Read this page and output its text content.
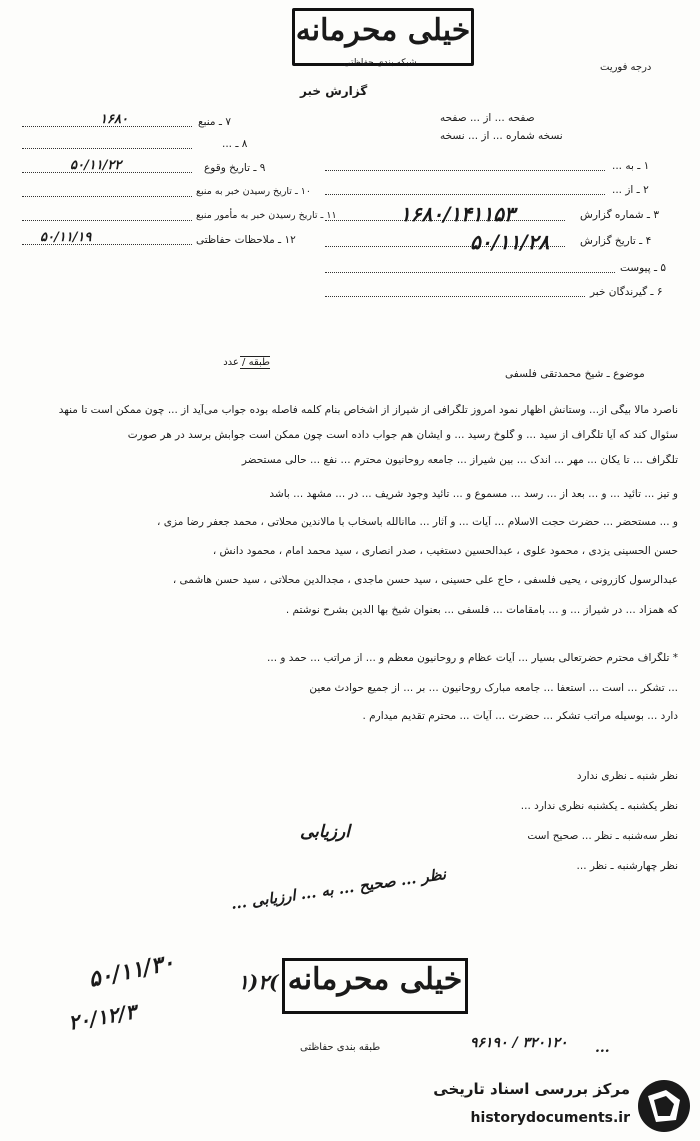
خیلی محرمانه
شبکه بندی حفاظتی	درجه فوریت
گزارش خبر
۷ ـ منبع
۱۶۸۰
۸ ـ ...
۹ ـ تاریخ وقوع
۵۰/۱۱/۲۲
۱۰ ـ تاریخ رسیدن خبر به منبع
۱۱ ـ تاریخ رسیدن خبر به مأمور منبع
۱۲ ـ ملاحظات حفاظتی
۵۰/۱۱/۱۹
صفحه ... از ... صفحه
نسخه شماره ... از ... نسخه
۱ ـ به ...
۲ ـ از ...
۳ ـ شماره گزارش
۱۶۸۰/۱۴۱۱۵۳
۴ ـ تاریخ گزارش
۵۰/۱۱/۲۸
۵ ـ پیوست
۶ ـ گیرندگان خبر
موضوع ـ شیخ محمدتقی فلسفی
طبقه / عدد
ناصرد مالا بیگی از... وستانش اظهار نمود امروز تلگرافی از شیراز از اشخاص بنام کلمه فاصله بوده جواب می‌آید از ... چون ممکن است تا منهد
سئوال کند که آیا تلگراف از سید ... و گلوخ رسید ... و ایشان هم جواب داده است چون ممکن است جوابش برسد در هر صورت
تلگراف ... تا یکان ... مهر ... اندک ... بین شیراز ... جامعه روحانیون محترم ... نفع ... حالی مستحضر
و تیز ... تائید ... و ... بعد از ... رسد ... مسموع و ... تائید وجود شریف ... در ... مشهد ... باشد
و ... مستحضر ... حضرت حجت الاسلام ... آیات ... و آثار ... ماانالله باسخاب با مالاندین محلاتی ، محمد جعفر رضا مزی ،
حسن الحسینی یزدی ، محمود علوی ، عبدالحسین دستغیب ، صدر انصاری ، سید محمد امام ، محمود دانش ،
عبدالرسول کازرونی ، یحیی فلسفی ، حاج علی حسینی ، سید حسن ماجدی ، مجدالدین محلاتی ، سید حسن هاشمی ،
که همزاد ... در شیراز ... و ... بامقامات ... فلسفی ... بعنوان شیخ بها الدین بشرح نوشتم .
* تلگراف محترم حضرتعالی بسیار ... آیات عظام و روحانیون معظم و ... از مراتب ... حمد و ...
... تشکر ... است ... استعفا ... جامعه مبارک روحانیون ... بر ... از جمیع حوادث معین
دارد ... بوسیله مراتب تشکر ... حضرت ... آیات ... محترم تقدیم میدارم .
نظر شنبه ـ نظری ندارد
نظر یکشنبه ـ یکشنبه نظری ندارد ...
نظر سه‌شنبه ـ نظر ... صحیح است
نظر چهارشنبه ـ نظر ...
ارزیابی
نظر ... صحیح ... به ... ارزیابی ...
...
۵۰/۱۱/۳۰
۲۰/۱۲/۳
خیلی محرمانه
۱)۲(
طبقه بندی حفاظتی	۹۶۱۹۰ / ۳۲۰۱۲۰
مرکز بررسی اسناد تاریخی
historydocuments.ir
